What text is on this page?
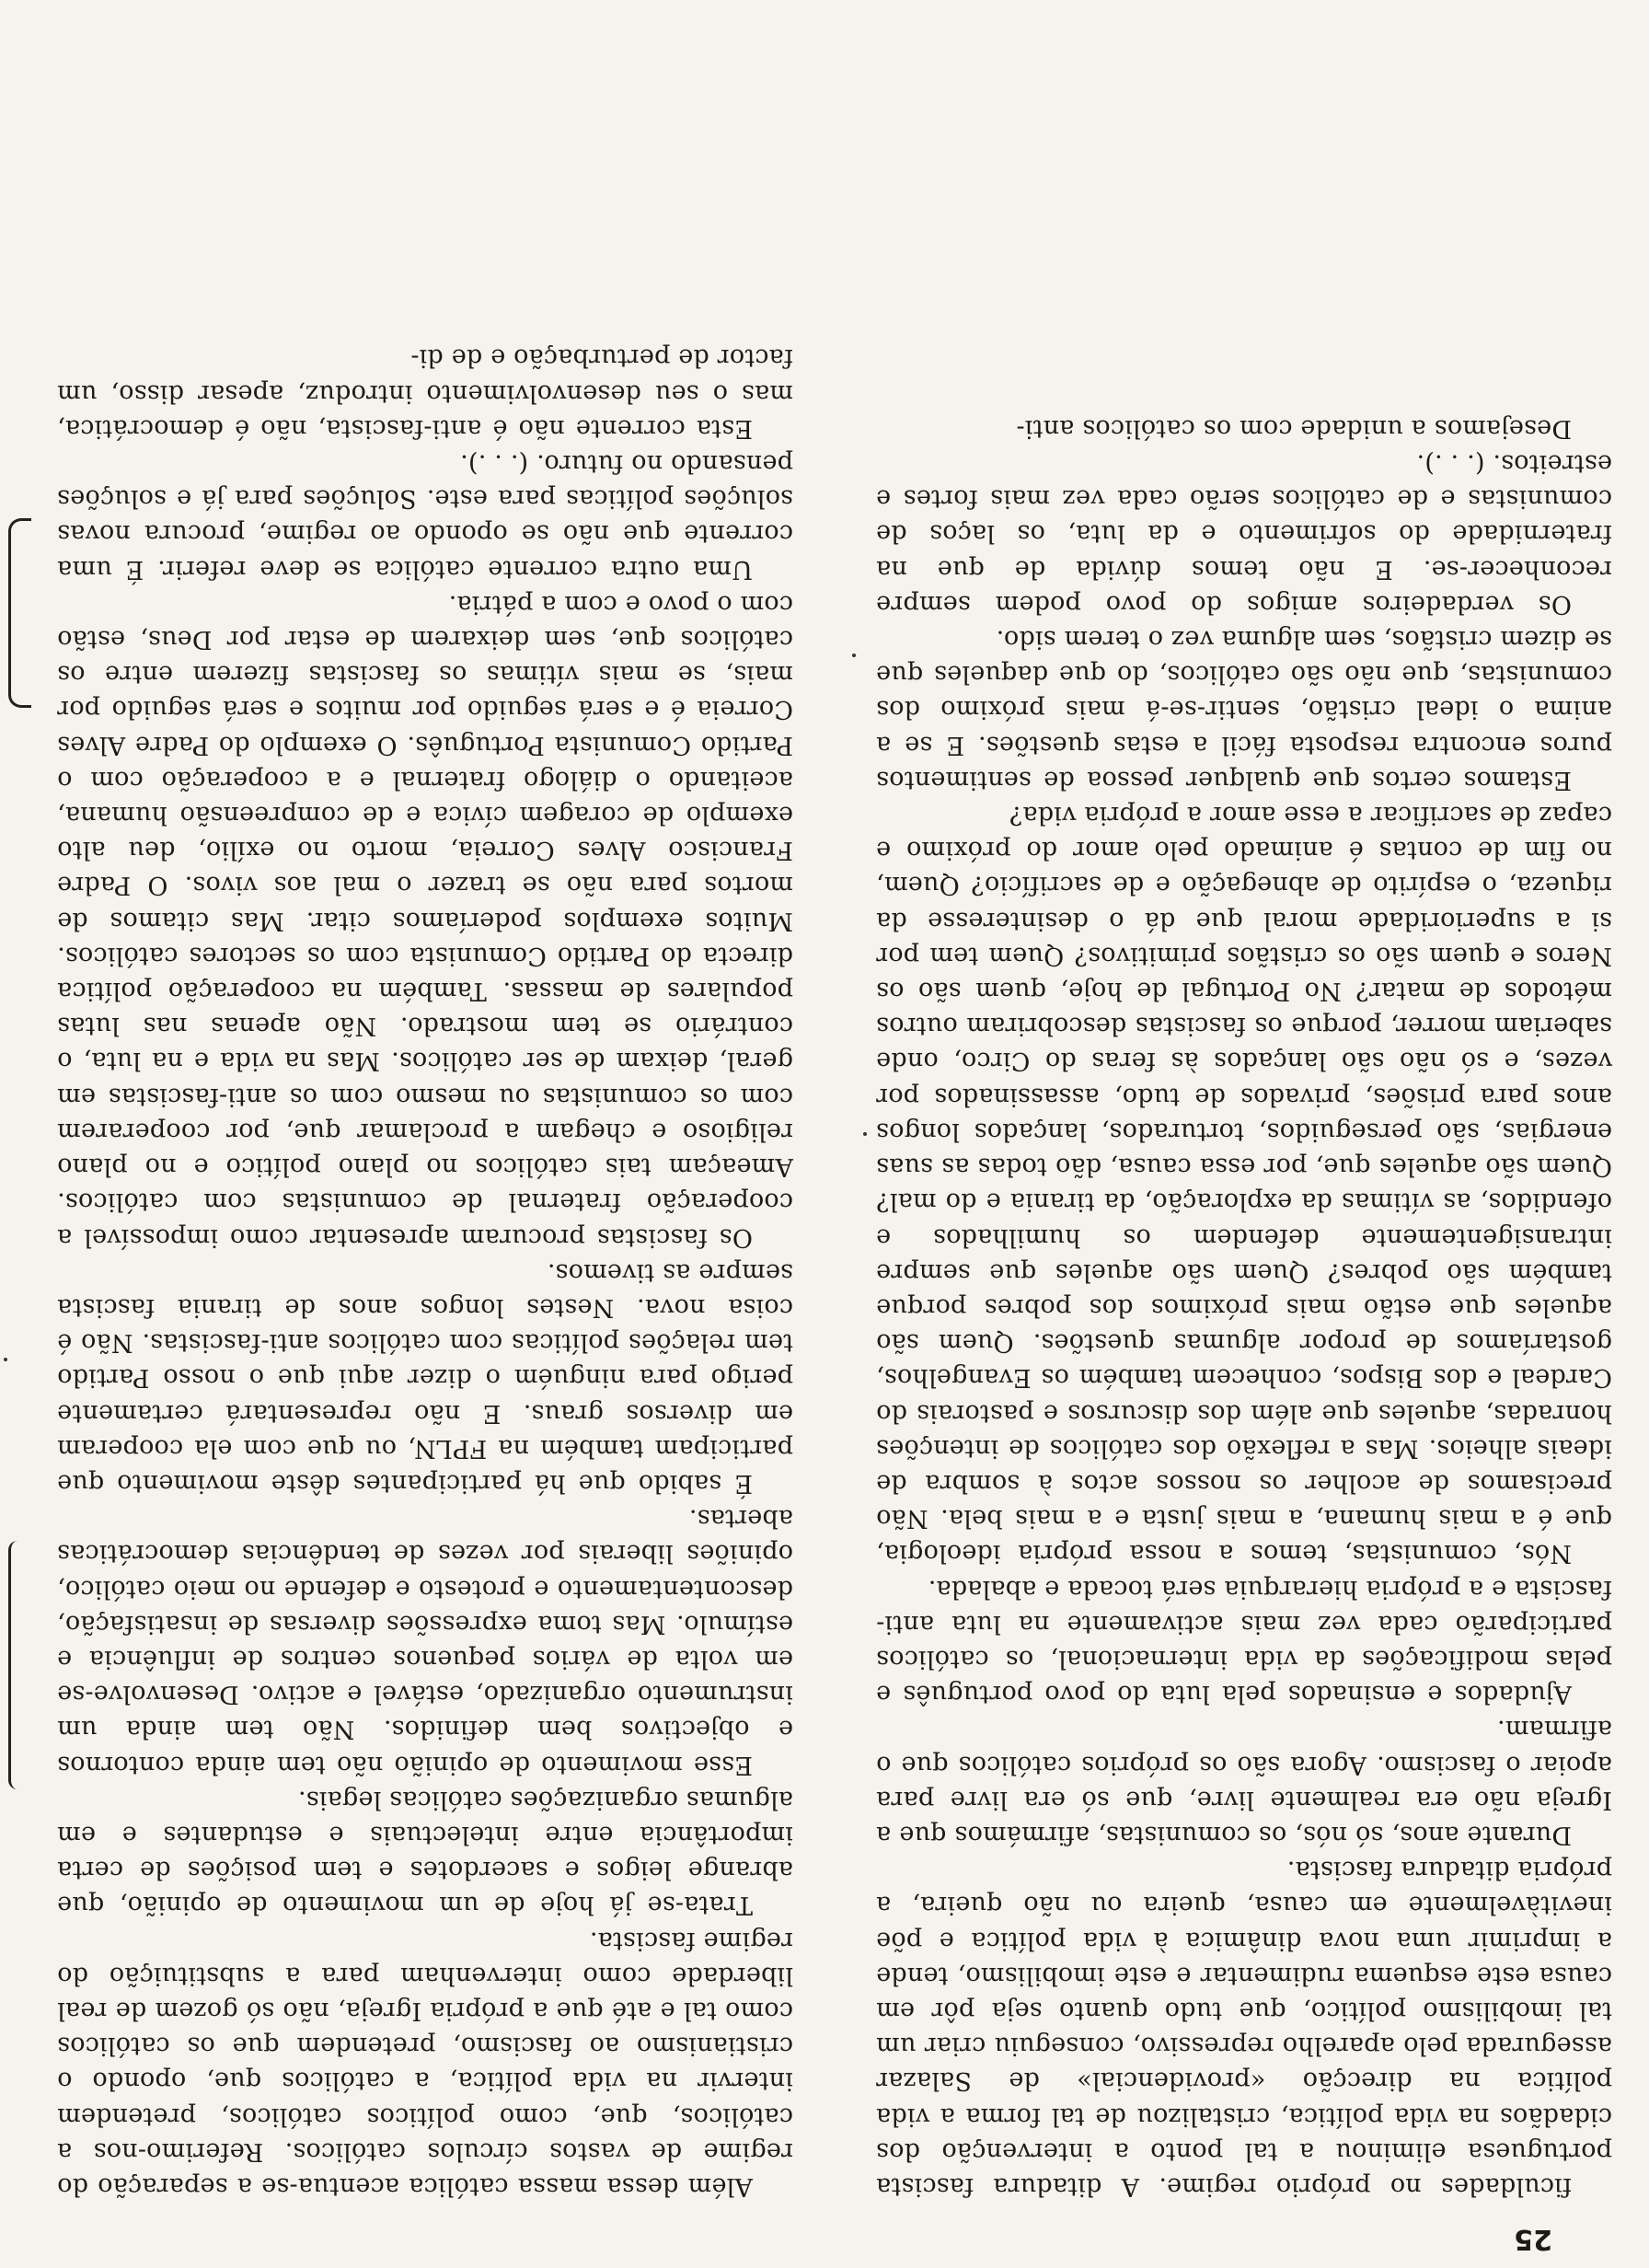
25

ficuldades no próprio regime. A ditadura fascista portuguesa eliminou a tal ponto a intervenção dos cidadãos na vida política, cristalizou de tal forma a vida política na direcção «providencial» de Salazar assegurada pelo aparelho repressivo, conseguiu criar um tal imobilismo político, que tudo quanto seja pôr em causa este esquema rudimentar e este imobilismo, tende a imprimir uma nova dinâmica à vida política e põe inevitàvelmente em causa, queira ou não queira, a própria ditadura fascista.

Durante anos, só nós, os comunistas, afirmámos que a Igreja não era realmente livre, que só era livre para apoiar o fascismo. Agora são os próprios católicos que o afirmam.

Ajudados e ensinados pela luta do povo português e pelas modificações da vida internacional, os católicos participarão cada vez mais activamente na luta anti-fascista e a própria hierarquia será tocada e abalada.

Nós, comunistas, temos a nossa própria ideologia, que é a mais humana, a mais justa e a mais bela. Não precisamos de acolher os nossos actos à sombra de ideais alheios. Mas a reflexão dos católicos de intenções honradas, aqueles que além dos discursos e pastorais do Cardeal e dos Bispos, conhecem também os Evangelhos, gostaríamos de propor algumas questões. Quem são aqueles que estão mais próximos dos pobres porque também são pobres? Quem são aqueles que sempre intransigentemente defendem os humilhados e ofendidos, as vítimas da exploração, da tirania e do mal? Quem são aqueles que, por essa causa, dão todas as suas energias, são perseguidos, torturados, lançados longos anos para prisões, privados de tudo, assassinados por vezes, e só não são lançados às feras do Circo, onde saberiam morrer, porque os fascistas descobriram outros métodos de matar? No Portugal de hoje, quem são os Neros e quem são os cristãos primitivos? Quem tem por si a superioridade moral que dá o desinteresse da riqueza, o espírito de abnegação e de sacrifício? Quem, no fim de contas é animado pelo amor do próximo e capaz de sacrificar a esse amor a própria vida?

Estamos certos que qualquer pessoa de sentimentos puros encontra resposta fácil a estas questões. E se a anima o ideal cristão, sentir-se-á mais próximo dos comunistas, que não são católicos, do que daqueles que se dizem cristãos, sem alguma vez o terem sido.

Os verdadeiros amigos do povo podem sempre reconhecer-se. E não temos dúvida de que na fraternidade do sofrimento e da luta, os laços de comunistas e de católicos serão cada vez mais fortes e estreitos. (. . .).

Desejamos a unidade com os católicos anti-

Além dessa massa católica acentua-se a separação do regime de vastos círculos católicos. Referimo-nos a católicos, que, como políticos católicos, pretendem intervir na vida política, a católicos que, opondo o cristianismo ao fascismo, pretendem que os católicos como tal e até que a própria Igreja, não só gozem de real liberdade como intervenham para a substituição do regime fascista.

Trata-se já hoje de um movimento de opinião, que abrange leigos e sacerdotes e tem posições de certa importância entre intelectuais e estudantes e em algumas organizações católicas legais.

Esse movimento de opinião não tem ainda contornos e objectivos bem definidos. Não tem ainda um instrumento organizado, estável e activo. Desenvolve-se em volta de vários pequenos centros de influência e estímulo. Mas toma expressões diversas de insatisfação, descontentamento e protesto e defende no meio católico, opiniões liberais por vezes de tendências democráticas abertas.

É sabido que há participantes dêste movimento que participam também na FPLN, ou que com ela cooperam em diversos graus. E não representará certamente perigo para ninguém o dizer aqui que o nosso Partido tem relações políticas com católicos anti-fascistas. Não é coisa nova. Nestes longos anos de tirania fascista sempre as tivemos.

Os fascistas procuram apresentar como impossível a cooperação fraternal de comunistas com católicos. Ameaçam tais católicos no plano político e no plano religioso e chegam a proclamar que, por cooperarem com os comunistas ou mesmo com os anti-fascistas em geral, deixam de ser católicos. Mas na vida e na luta, o contrário se tem mostrado. Não apenas nas lutas populares de massas. Também na cooperação política directa do Partido Comunista com os sectores católicos. Muitos exemplos poderíamos citar. Mas citamos de mortos para não se trazer o mal aos vivos. O Padre Francisco Alves Correia, morto no exílio, deu alto exemplo de coragem cívica e de compreensão humana, aceitando o diálogo fraternal e a cooperação com o Partido Comunista Português. O exemplo do Padre Alves Correia é e será seguido por muitos e será seguido por mais, se mais vítimas os fascistas fizerem entre os católicos que, sem deixarem de estar por Deus, estão com o povo e com a pátria.

Uma outra corrente católica se deve referir. É uma corrente que não se opondo ao regime, procura novas soluções políticas para este. Soluções para já e soluções pensando no futuro. (. . .).

Esta corrente não é anti-fascista, não é democrática, mas o seu desenvolvimento introduz, apesar disso, um factor de perturbação e de di-
